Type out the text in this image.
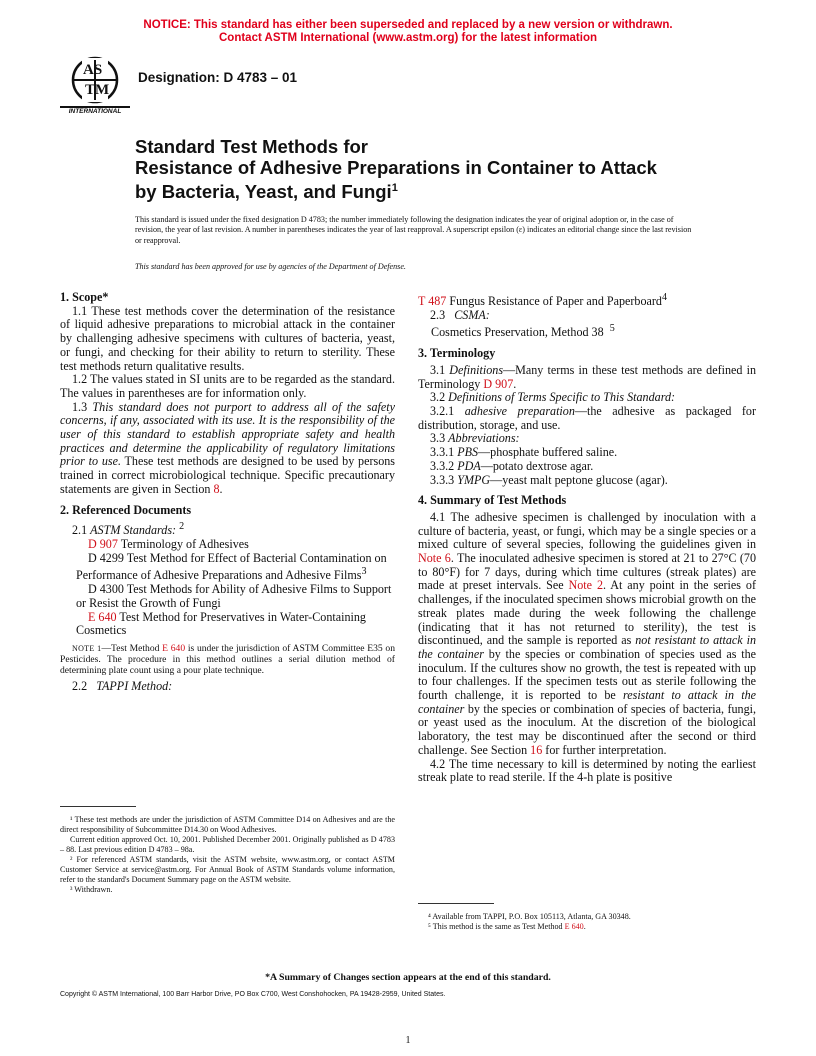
NOTICE: This standard has either been superseded and replaced by a new version or withdrawn.
Contact ASTM International (www.astm.org) for the latest information
AS
TM
INTERNATIONAL
Designation: D 4783 – 01
Standard Test Methods for
Resistance of Adhesive Preparations in Container to Attack
by Bacteria, Yeast, and Fungi$^1$
This standard is issued under the fixed designation D 4783; the number immediately following the designation indicates the year of original adoption or, in the case of revision, the year of last revision. A number in parentheses indicates the year of last reapproval. A superscript epsilon (ε) indicates an editorial change since the last revision or reapproval.
This standard has been approved for use by agencies of the Department of Defense.
1. Scope*

1.1 These test methods cover the determination of the resistance of liquid adhesive preparations to microbial attack in the container by challenging adhesive specimens with cultures of bacteria, yeast, or fungi, and checking for their ability to return to sterility. These test methods return qualitative results.

1.2 The values stated in SI units are to be regarded as the standard. The values in parentheses are for information only.

1.3 This standard does not purport to address all of the safety concerns, if any, associated with its use. It is the responsibility of the user of this standard to establish appropriate safety and health practices and determine the applicability of regulatory limitations prior to use. These test methods are designed to be used by persons trained in correct microbiological technique. Specific precautionary statements are given in Section 8.

2. Referenced Documents

2.1 ASTM Standards: $^2$

D 907 Terminology of Adhesives

D 4299 Test Method for Effect of Bacterial Contamination on Performance of Adhesive Preparations and Adhesive Films$^3$

D 4300 Test Methods for Ability of Adhesive Films to Support or Resist the Growth of Fungi

E 640 Test Method for Preservatives in Water-Containing Cosmetics

NOTE 1—Test Method E 640 is under the jurisdiction of ASTM Committee E35 on Pesticides. The procedure in this method outlines a serial dilution method of determining plate count using a pour plate technique.

2.2 TAPPI Method:

¹ These test methods are under the jurisdiction of ASTM Committee D14 on Adhesives and are the direct responsibility of Subcommittee D14.30 on Wood Adhesives.

Current edition approved Oct. 10, 2001. Published December 2001. Originally published as D 4783 – 88. Last previous edition D 4783 – 98a.

² For referenced ASTM standards, visit the ASTM website, www.astm.org, or contact ASTM Customer Service at service@astm.org. For Annual Book of ASTM Standards volume information, refer to the standard's Document Summary page on the ASTM website.

³ Withdrawn.

T 487 Fungus Resistance of Paper and Paperboard$^4$

2.3 CSMA:

Cosmetics Preservation, Method 38 $^5$

3. Terminology

3.1 Definitions—Many terms in these test methods are defined in Terminology D 907.

3.2 Definitions of Terms Specific to This Standard:

3.2.1 adhesive preparation—the adhesive as packaged for distribution, storage, and use.

3.3 Abbreviations:

3.3.1 PBS—phosphate buffered saline.

3.3.2 PDA—potato dextrose agar.

3.3.3 YMPG—yeast malt peptone glucose (agar).

4. Summary of Test Methods

4.1 The adhesive specimen is challenged by inoculation with a culture of bacteria, yeast, or fungi, which may be a single species or a mixed culture of several species, following the guidelines given in Note 6. The inoculated adhesive specimen is stored at 21 to 27°C (70 to 80°F) for 7 days, during which time cultures (streak plates) are made at preset intervals. See Note 2. At any point in the series of challenges, if the inoculated specimen shows microbial growth on the streak plates made during the week following the challenge (indicating that it has not returned to sterility), the test is discontinued, and the sample is reported as not resistant to attack in the container by the species or combination of species used as the inoculum. If the cultures show no growth, the test is repeated with up to four challenges. If the specimen tests out as sterile following the fourth challenge, it is reported to be resistant to attack in the container by the species or combination of species of bacteria, fungi, or yeast used as the inoculum. At the discretion of the biological laboratory, the test may be discontinued after the second or third challenge. See Section 16 for further interpretation.

4.2 The time necessary to kill is determined by noting the earliest streak plate to read sterile. If the 4-h plate is positive

⁴ Available from TAPPI, P.O. Box 105113, Atlanta, GA 30348.

⁵ This method is the same as Test Method E 640.

*A Summary of Changes section appears at the end of this standard.
Copyright © ASTM International, 100 Barr Harbor Drive, PO Box C700, West Conshohocken, PA 19428-2959, United States.
1
